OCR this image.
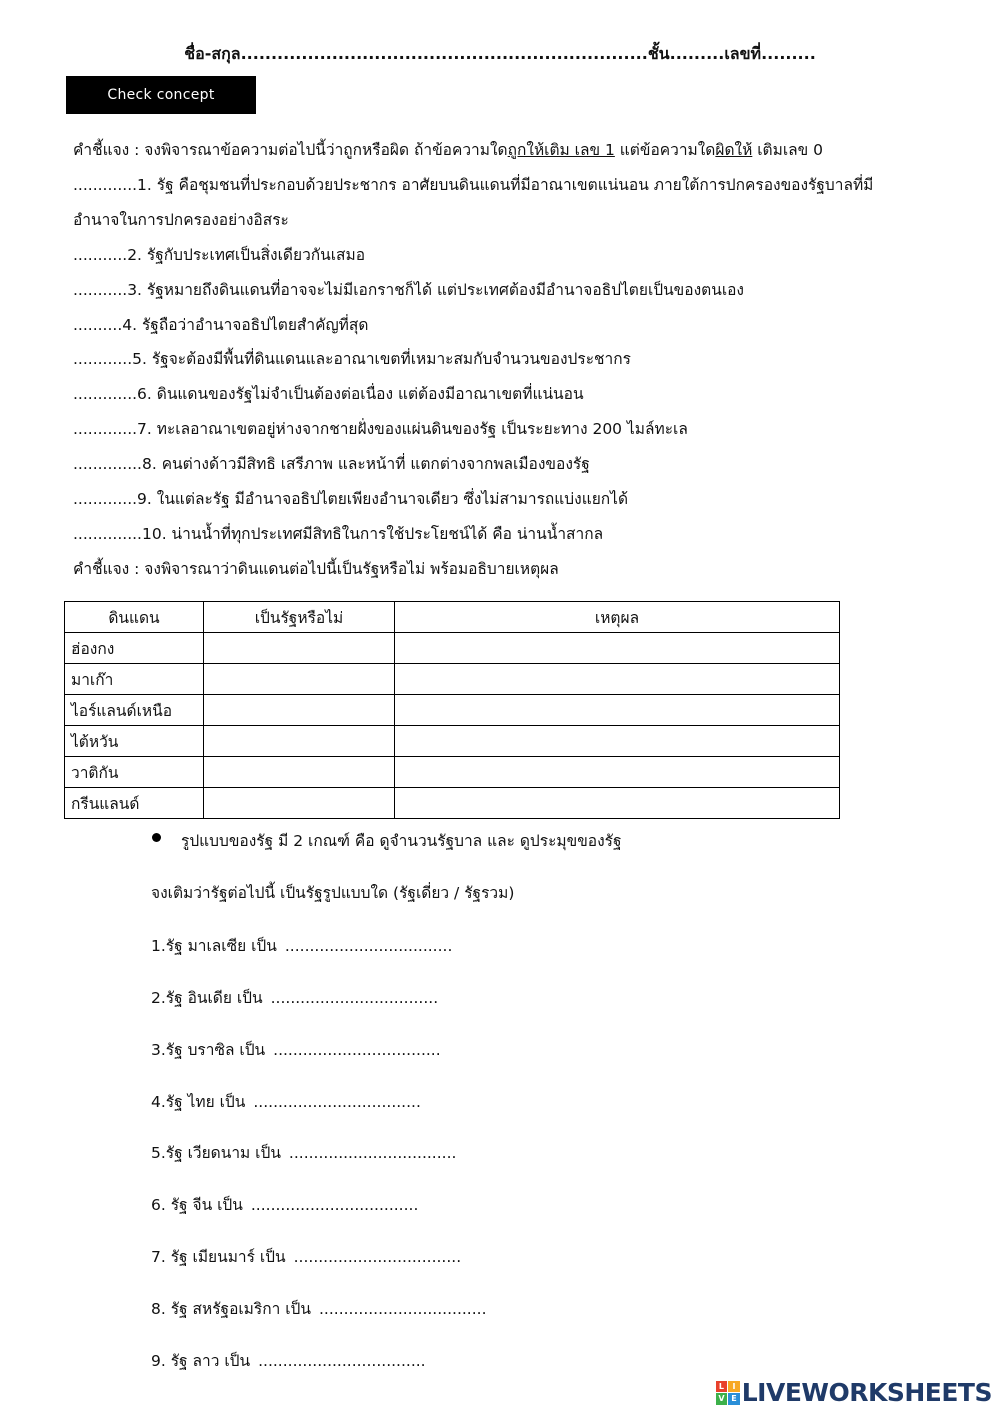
ชื่อ-สกุล...................................................................ชั้น.........เลขที่.........
Check concept
คำชี้แจง : จงพิจารณาข้อความต่อไปนี้ว่าถูกหรือผิด ถ้าข้อความใดถูกให้เติม เลข 1 แต่ข้อความใดผิดให้ เติมเลข 0
.............1. รัฐ คือชุมชนที่ประกอบด้วยประชากร อาศัยบนดินแดนที่มีอาณาเขตแน่นอน ภายใต้การปกครองของรัฐบาลที่มี
อำนาจในการปกครองอย่างอิสระ
...........2. รัฐกับประเทศเป็นสิ่งเดียวกันเสมอ
...........3. รัฐหมายถึงดินแดนที่อาจจะไม่มีเอกราชก็ได้ แต่ประเทศต้องมีอำนาจอธิปไตยเป็นของตนเอง
..........4. รัฐถือว่าอำนาจอธิปไตยสำคัญที่สุด
............5. รัฐจะต้องมีพื้นที่ดินแดนและอาณาเขตที่เหมาะสมกับจำนวนของประชากร
.............6. ดินแดนของรัฐไม่จำเป็นต้องต่อเนื่อง แต่ต้องมีอาณาเขตที่แน่นอน
.............7. ทะเลอาณาเขตอยู่ห่างจากชายฝั่งของแผ่นดินของรัฐ เป็นระยะทาง 200 ไมล์ทะเล
..............8. คนต่างด้าวมีสิทธิ เสรีภาพ และหน้าที่ แตกต่างจากพลเมืองของรัฐ
.............9. ในแต่ละรัฐ มีอำนาจอธิปไตยเพียงอำนาจเดียว ซึ่งไม่สามารถแบ่งแยกได้
..............10. น่านน้ำที่ทุกประเทศมีสิทธิในการใช้ประโยชน์ได้ คือ น่านน้ำสากล
คำชี้แจง : จงพิจารณาว่าดินแดนต่อไปนี้เป็นรัฐหรือไม่ พร้อมอธิบายเหตุผล
ดินแดน	เป็นรัฐหรือไม่	เหตุผล
ฮ่องกง		
มาเก๊า		
ไอร์แลนด์เหนือ		
ไต้หวัน		
วาติกัน		
กรีนแลนด์		
รูปแบบของรัฐ มี 2 เกณฑ์ คือ ดูจำนวนรัฐบาล และ ดูประมุขของรัฐ
จงเติมว่ารัฐต่อไปนี้ เป็นรัฐรูปแบบใด (รัฐเดี่ยว / รัฐรวม)
1.รัฐ มาเลเซีย เป็น ..................................
2.รัฐ อินเดีย เป็น ..................................
3.รัฐ บราซิล เป็น ..................................
4.รัฐ ไทย เป็น ..................................
5.รัฐ เวียดนาม เป็น ..................................
6. รัฐ จีน เป็น ..................................
7. รัฐ เมียนมาร์ เป็น ..................................
8. รัฐ สหรัฐอเมริกา เป็น ..................................
9. รัฐ ลาว เป็น ..................................
L	I
V E LIVEWORKSHEETS
